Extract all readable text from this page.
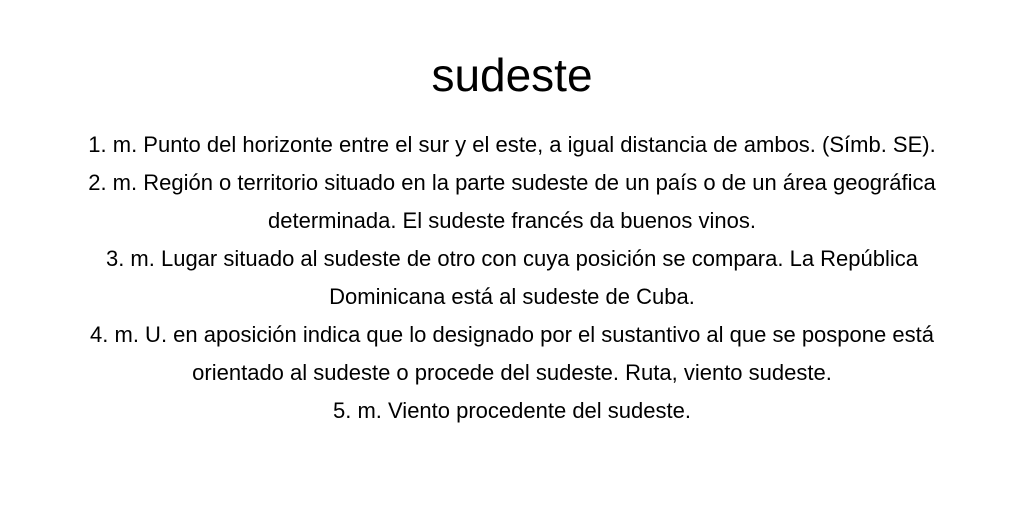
sudeste

1. m. Punto del horizonte entre el sur y el este, a igual distancia de ambos. (Símb. SE).

2. m. Región o territorio situado en la parte sudeste de un país o de un área geográfica determinada. El sudeste francés da buenos vinos.

3. m. Lugar situado al sudeste de otro con cuya posición se compara. La República Dominicana está al sudeste de Cuba.

4. m. U. en aposición indica que lo designado por el sustantivo al que se pospone está orientado al sudeste o procede del sudeste. Ruta, viento sudeste.

5. m. Viento procedente del sudeste.
